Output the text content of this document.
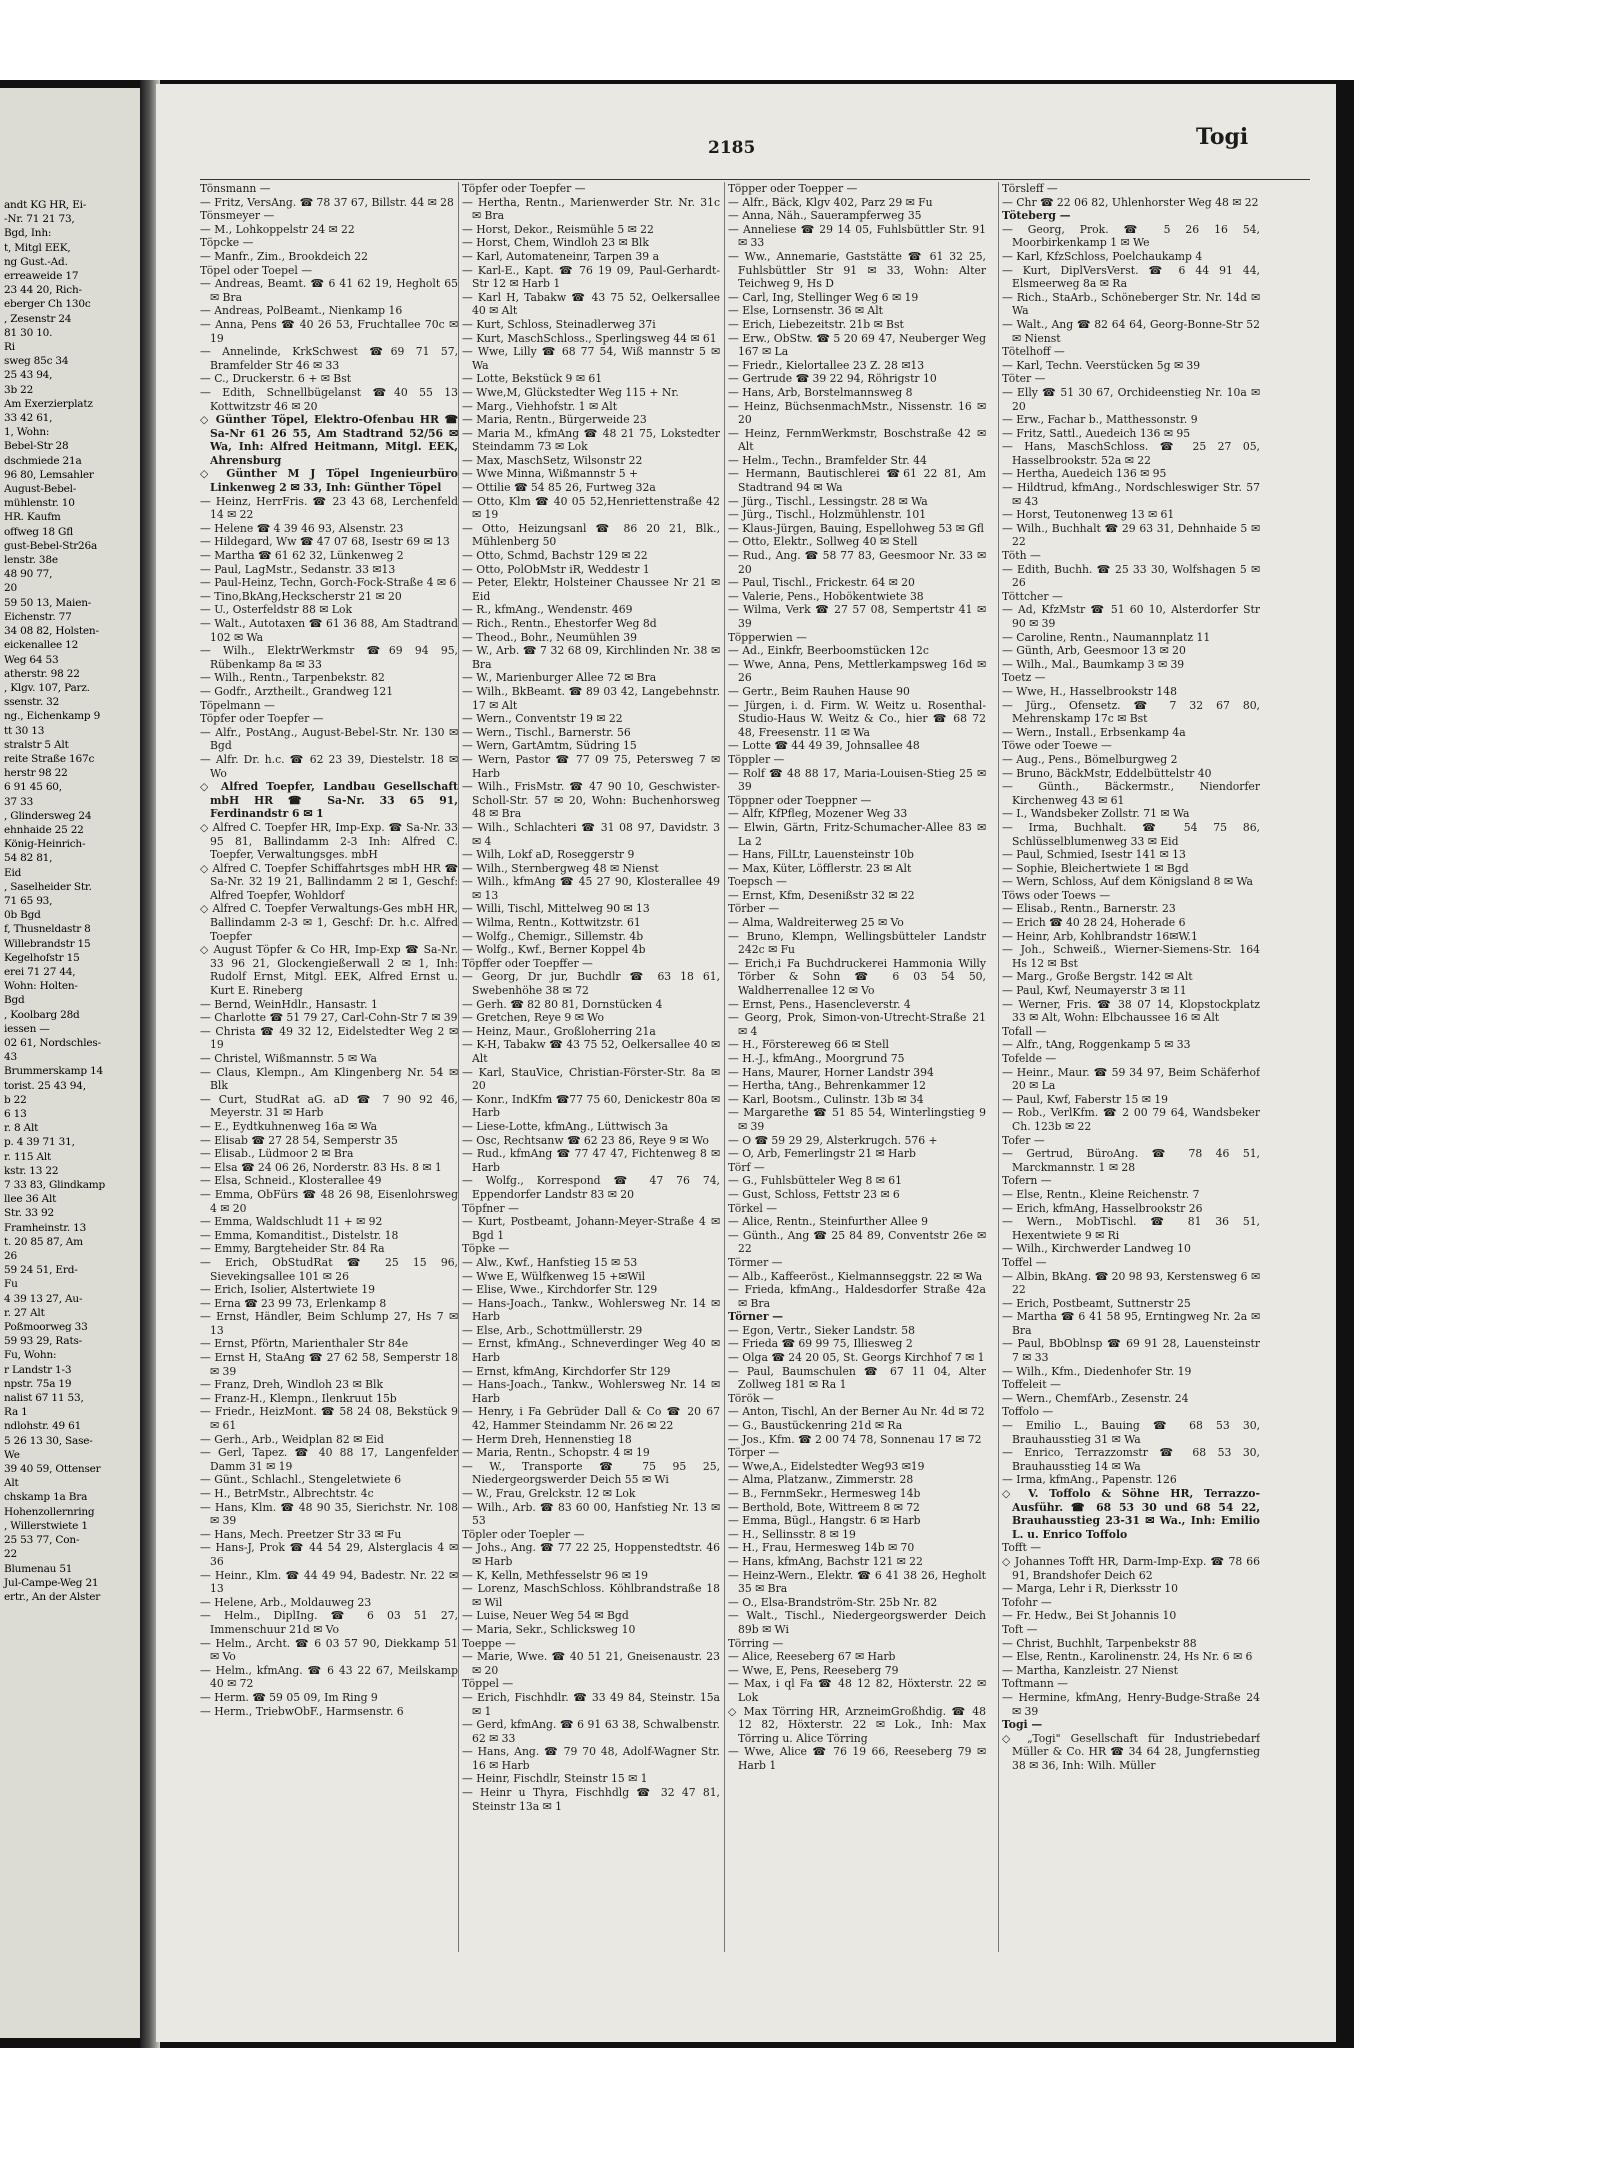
andt KG HR, Ei-
-Nr. 71 21 73,
Bgd, Inh:
t, Mitgl EEK,
ng Gust.-Ad.
erreaweide 17
23 44 20, Rich-
eberger Ch 130c
, Zesenstr 24
81 30 10.
Ri
sweg 85c 34
25 43 94,
3b 22
Am Exerzierplatz
33 42 61,
1, Wohn:
Bebel-Str 28
dschmiede 21a
96 80, Lemsahler
August-Bebel-
mühlenstr. 10
HR. Kaufm
offweg 18 Gfl
gust-Bebel-Str26a
lenstr. 38e
48 90 77,
20
59 50 13, Maien-
Eichenstr. 77
34 08 82, Holsten-
eickenallee 12
Weg 64 53
atherstr. 98 22
, Klgv. 107, Parz.
ssenstr. 32
ng., Eichenkamp 9
tt 30 13
stralstr 5 Alt
reite Straße 167c
herstr 98 22
6 91 45 60,
37 33
, Glindersweg 24
ehnhaide 25 22
König-Heinrich-
54 82 81,
Eid
, Saselheider Str.
71 65 93,
0b Bgd
f, Thusneldastr 8
Willebrandstr 15
Kegelhofstr 15
erei 71 27 44,
Wohn: Holten-
Bgd
, Koolbarg 28d
iessen —
02 61, Nordschles-
43
Brummerskamp 14
torist. 25 43 94,
b 22
6 13
r. 8 Alt
p. 4 39 71 31,
r. 115 Alt
kstr. 13 22
7 33 83, Glindkamp
llee 36 Alt
Str. 33 92
Framheinstr. 13
t. 20 85 87, Am
26
59 24 51, Erd-
Fu
4 39 13 27, Au-
r. 27 Alt
Poßmoorweg 33
59 93 29, Rats-
Fu, Wohn:
r Landstr 1-3
npstr. 75a 19
nalist 67 11 53,
Ra 1
ndlohstr. 49 61
5 26 13 30, Sase-
We
39 40 59, Ottenser
Alt
chskamp 1a Bra
Hohenzollernring
, Willerstwiete 1
25 53 77, Con-
22
Blumenau 51
Jul-Campe-Weg 21
ertr., An der Alster
2185	Togi

Tönsmann —

— Fritz, VersAng. ☎ 78 37 67, Billstr. 44 ✉ 28

Tönsmeyer —

— M., Lohkoppelstr 24 ✉ 22

Töpcke —

— Manfr., Zim., Brookdeich 22

Töpel oder Toepel —

— Andreas, Beamt. ☎ 6 41 62 19, Hegholt 65 ✉ Bra

— Andreas, PolBeamt., Nienkamp 16

— Anna, Pens ☎ 40 26 53, Fruchtallee 70c ✉ 19

— Annelinde, KrkSchwest ☎69 71 57, Bramfelder Str 46 ✉ 33

— C., Druckerstr. 6 + ✉ Bst

— Edith, Schnellbügelanst ☎40 55 13 Kottwitzstr 46 ✉ 20

◇ Günther Töpel, Elektro-Ofenbau HR ☎ Sa-Nr 61 26 55, Am Stadtrand 52/56 ✉ Wa, Inh: Alfred Heitmann, Mitgl. EEK, Ahrensburg

◇ Günther M J Töpel Ingenieurbüro Linkenweg 2 ✉ 33, Inh: Günther Töpel

— Heinz, HerrFris. ☎ 23 43 68, Lerchenfeld 14 ✉ 22

— Helene ☎ 4 39 46 93, Alsenstr. 23

— Hildegard, Ww ☎ 47 07 68, Isestr 69 ✉ 13

— Martha ☎ 61 62 32, Lünkenweg 2

— Paul, LagMstr., Sedanstr. 33 ✉13

— Paul-Heinz, Techn, Gorch-Fock-Straße 4 ✉ 6

— Tino,BkAng,Heckscherstr 21 ✉ 20

— U., Osterfeldstr 88 ✉ Lok

— Walt., Autotaxen ☎ 61 36 88, Am Stadtrand 102 ✉ Wa

— Wilh., ElektrWerkmstr ☎69 94 95, Rübenkamp 8a ✉ 33

— Wilh., Rentn., Tarpenbekstr. 82

— Godfr., Arztheilt., Grandweg 121

Töpelmann —

Töpfer oder Toepfer —

— Alfr., PostAng., August-Bebel-Str. Nr. 130 ✉ Bgd

— Alfr. Dr. h.c. ☎ 62 23 39, Diestelstr. 18 ✉ Wo

◇ Alfred Toepfer, Landbau Gesellschaft mbH HR ☎ Sa-Nr. 33 65 91, Ferdinandstr 6 ✉ 1

◇ Alfred C. Toepfer HR, Imp-Exp. ☎ Sa-Nr. 33 95 81, Ballindamm 2-3 Inh: Alfred C. Toepfer, Verwaltungsges. mbH

◇ Alfred C. Toepfer Schiffahrtsges mbH HR ☎ Sa-Nr. 32 19 21, Ballindamm 2 ✉ 1, Geschf: Alfred Toepfer, Wohldorf

◇ Alfred C. Toepfer Verwaltungs-Ges mbH HR, Ballindamm 2-3 ✉ 1, Geschf: Dr. h.c. Alfred Toepfer

◇ August Töpfer & Co HR, Imp-Exp ☎ Sa-Nr. 33 96 21, Glockengießerwall 2 ✉ 1, Inh: Rudolf Ernst, Mitgl. EEK, Alfred Ernst u. Kurt E. Rineberg

— Bernd, WeinHdlr., Hansastr. 1

— Charlotte ☎ 51 79 27, Carl-Cohn-Str 7 ✉ 39

— Christa ☎ 49 32 12, Eidelstedter Weg 2 ✉ 19

— Christel, Wißmannstr. 5 ✉ Wa

— Claus, Klempn., Am Klingenberg Nr. 54 ✉ Blk

— Curt, StudRat aG. aD ☎ 7 90 92 46, Meyerstr. 31 ✉ Harb

— E., Eydtkuhnenweg 16a ✉ Wa

— Elisab ☎ 27 28 54, Semperstr 35

— Elisab., Lüdmoor 2 ✉ Bra

— Elsa ☎ 24 06 26, Norderstr. 83 Hs. 8 ✉ 1

— Elsa, Schneid., Klosterallee 49

— Emma, ObFürs ☎ 48 26 98, Eisenlohrsweg 4 ✉ 20

— Emma, Waldschludt 11 + ✉ 92

— Emma, Komanditist., Distelstr. 18

— Emmy, Bargteheider Str. 84 Ra

— Erich, ObStudRat ☎ 25 15 96, Sievekingsallee 101 ✉ 26

— Erich, Isolier, Alstertwiete 19

— Erna ☎ 23 99 73, Erlenkamp 8

— Ernst, Händler, Beim Schlump 27, Hs 7 ✉ 13

— Ernst, Pförtn, Marienthaler Str 84e

— Ernst H, StaAng ☎ 27 62 58, Semperstr 18 ✉ 39

— Franz, Dreh, Windloh 23 ✉ Blk

— Franz-H., Klempn., Ilenkruut 15b

— Friedr., HeizMont. ☎ 58 24 08, Bekstück 9 ✉ 61

— Gerh., Arb., Weidplan 82 ✉ Eid

— Gerl, Tapez. ☎ 40 88 17, Langenfelder Damm 31 ✉ 19

— Günt., Schlachl., Stengeletwiete 6

— H., BetrMstr., Albrechtstr. 4c

— Hans, Klm. ☎ 48 90 35, Sierichstr. Nr. 108 ✉ 39

— Hans, Mech. Preetzer Str 33 ✉ Fu

— Hans-J, Prok ☎ 44 54 29, Alsterglacis 4 ✉ 36

— Heinr., Klm. ☎ 44 49 94, Badestr. Nr. 22 ✉ 13

— Helene, Arb., Moldauweg 23

— Helm., DiplIng. ☎ 6 03 51 27, Immenschuur 21d ✉ Vo

— Helm., Archt. ☎ 6 03 57 90, Diekkamp 51 ✉ Vo

— Helm., kfmAng. ☎ 6 43 22 67, Meilskamp 40 ✉ 72

— Herm. ☎ 59 05 09, Im Ring 9

— Herm., TriebwObF., Harmsenstr. 6

Töpfer oder Toepfer —

— Hertha, Rentn., Marienwerder Str. Nr. 31c ✉ Bra

— Horst, Dekor., Reismühle 5 ✉ 22

— Horst, Chem, Windloh 23 ✉ Blk

— Karl, Automateneinr, Tarpen 39 a

— Karl-E., Kapt. ☎ 76 19 09, Paul-Gerhardt-Str 12 ✉ Harb 1

— Karl H, Tabakw ☎ 43 75 52, Oelkersallee 40 ✉ Alt

— Kurt, Schloss, Steinadlerweg 37i

— Kurt, MaschSchloss., Sperlingsweg 44 ✉ 61

— Wwe, Lilly ☎ 68 77 54, Wiß mannstr 5 ✉ Wa

— Lotte, Bekstück 9 ✉ 61

— Wwe,M, Glückstedter Weg 115 + Nr.

— Marg., Viehhofstr. 1 ✉ Alt

— Maria, Rentn., Bürgerweide 23

— Maria M., kfmAng ☎ 48 21 75, Lokstedter Steindamm 73 ✉ Lok

— Max, MaschSetz, Wilsonstr 22

— Wwe Minna, Wißmannstr 5 +

— Ottilie ☎ 54 85 26, Furtweg 32a

— Otto, Klm ☎ 40 05 52,Henriettenstraße 42 ✉ 19

— Otto, Heizungsanl ☎ 86 20 21, Blk., Mühlenberg 50

— Otto, Schmd, Bachstr 129 ✉ 22

— Otto, PolObMstr iR, Weddestr 1

— Peter, Elektr, Holsteiner Chaussee Nr 21 ✉ Eid

— R., kfmAng., Wendenstr. 469

— Rich., Rentn., Ehestorfer Weg 8d

— Theod., Bohr., Neumühlen 39

— W., Arb. ☎ 7 32 68 09, Kirchlinden Nr. 38 ✉ Bra

— W., Marienburger Allee 72 ✉ Bra

— Wilh., BkBeamt. ☎ 89 03 42, Langebehnstr. 17 ✉ Alt

— Wern., Conventstr 19 ✉ 22

— Wern., Tischl., Barnerstr. 56

— Wern, GartAmtm, Südring 15

— Wern, Pastor ☎ 77 09 75, Petersweg 7 ✉ Harb

— Wilh., FrisMstr. ☎ 47 90 10, Geschwister-Scholl-Str. 57 ✉ 20, Wohn: Buchenhorsweg 48 ✉ Bra

— Wilh., Schlachteri ☎ 31 08 97, Davidstr. 3 ✉ 4

— Wilh, Lokf aD, Roseggerstr 9

— Wilh., Sternbergweg 48 ✉ Nienst

— Wilh., kfmAng ☎ 45 27 90, Klosterallee 49 ✉ 13

— Willi, Tischl, Mittelweg 90 ✉ 13

— Wilma, Rentn., Kottwitzstr. 61

— Wolfg., Chemigr., Sillemstr. 4b

— Wolfg., Kwf., Berner Koppel 4b

Töpffer oder Toepffer —

— Georg, Dr jur, Buchdlr ☎ 63 18 61, Swebenhöhe 38 ✉ 72

— Gerh. ☎ 82 80 81, Dornstücken 4

— Gretchen, Reye 9 ✉ Wo

— Heinz, Maur., Großloherring 21a

— K-H, Tabakw ☎ 43 75 52, Oelkersallee 40 ✉ Alt

— Karl, StauVice, Christian-Förster-Str. 8a ✉ 20

— Konr., IndKfm ☎77 75 60, Denickestr 80a ✉ Harb

— Liese-Lotte, kfmAng., Lüttwisch 3a

— Osc, Rechtsanw ☎ 62 23 86, Reye 9 ✉ Wo

— Rud., kfmAng ☎ 77 47 47, Fichtenweg 8 ✉ Harb

— Wolfg., Korrespond ☎ 47 76 74, Eppendorfer Landstr 83 ✉ 20

Töpfner —

— Kurt, Postbeamt, Johann-Meyer-Straße 4 ✉ Bgd 1

Töpke —

— Alw., Kwf., Hanfstieg 15 ✉ 53

— Wwe E, Wülfkenweg 15 +✉Wil

— Elise, Wwe., Kirchdorfer Str. 129

— Hans-Joach., Tankw., Wohlersweg Nr. 14 ✉ Harb

— Else, Arb., Schottmüllerstr. 29

— Ernst, kfmAng., Schneverdinger Weg 40 ✉ Harb

— Ernst, kfmAng, Kirchdorfer Str 129

— Hans-Joach., Tankw., Wohlersweg Nr. 14 ✉ Harb

— Henry, i Fa Gebrüder Dall & Co ☎ 20 67 42, Hammer Steindamm Nr. 26 ✉ 22

— Herm Dreh, Hennenstieg 18

— Maria, Rentn., Schopstr. 4 ✉ 19

— W., Transporte ☎ 75 95 25, Niedergeorgswerder Deich 55 ✉ Wi

— W., Frau, Grelckstr. 12 ✉ Lok

— Wilh., Arb. ☎ 83 60 00, Hanfstieg Nr. 13 ✉ 53

Töpler oder Toepler —

— Johs., Ang. ☎ 77 22 25, Hoppenstedtstr. 46 ✉ Harb

— K, Kelln, Methfesselstr 96 ✉ 19

— Lorenz, MaschSchloss. Köhlbrandstraße 18 ✉ Wil

— Luise, Neuer Weg 54 ✉ Bgd

— Maria, Sekr., Schlicksweg 10

Toeppe —

— Marie, Wwe. ☎ 40 51 21, Gneisenaustr. 23 ✉ 20

Töppel —

— Erich, Fischhdlr. ☎ 33 49 84, Steinstr. 15a ✉ 1

— Gerd, kfmAng. ☎ 6 91 63 38, Schwalbenstr. 62 ✉ 33

— Hans, Ang. ☎ 79 70 48, Adolf-Wagner Str. 16 ✉ Harb

— Heinr, Fischdlr, Steinstr 15 ✉ 1

— Heinr u Thyra, Fischhdlg ☎ 32 47 81, Steinstr 13a ✉ 1

Töpper oder Toepper —

— Alfr., Bäck, Klgv 402, Parz 29 ✉ Fu

— Anna, Näh., Sauerampferweg 35

— Anneliese ☎ 29 14 05, Fuhlsbüttler Str. 91 ✉ 33

— Ww., Annemarie, Gaststätte ☎ 61 32 25, Fuhlsbüttler Str 91 ✉ 33, Wohn: Alter Teichweg 9, Hs D

— Carl, Ing, Stellinger Weg 6 ✉ 19

— Else, Lornsenstr. 36 ✉ Alt

— Erich, Liebezeitstr. 21b ✉ Bst

— Erw., ObStw. ☎ 5 20 69 47, Neuberger Weg 167 ✉ La

— Friedr., Kielortallee 23 Z. 28 ✉13

— Gertrude ☎ 39 22 94, Röhrigstr 10

— Hans, Arb, Borstelmannsweg 8

— Heinz, BüchsenmachMstr., Nissenstr. 16 ✉ 20

— Heinz, FernmWerkmstr, Boschstraße 42 ✉ Alt

— Helm., Techn., Bramfelder Str. 44

— Hermann, Bautischlerei ☎61 22 81, Am Stadtrand 94 ✉ Wa

— Jürg., Tischl., Lessingstr. 28 ✉ Wa

— Jürg., Tischl., Holzmühlenstr. 101

— Klaus-Jürgen, Bauing, Espellohweg 53 ✉ Gfl

— Otto, Elektr., Sollweg 40 ✉ Stell

— Rud., Ang. ☎ 58 77 83, Geesmoor Nr. 33 ✉ 20

— Paul, Tischl., Frickestr. 64 ✉ 20

— Valerie, Pens., Hobökentwiete 38

— Wilma, Verk ☎ 27 57 08, Sempertstr 41 ✉ 39

Töpperwien —

— Ad., Einkfr, Beerboomstücken 12c

— Wwe, Anna, Pens, Mettlerkampsweg 16d ✉ 26

— Gertr., Beim Rauhen Hause 90

— Jürgen, i. d. Firm. W. Weitz u. Rosenthal-Studio-Haus W. Weitz & Co., hier ☎ 68 72 48, Freesenstr. 11 ✉ Wa

— Lotte ☎ 44 49 39, Johnsallee 48

Töppler —

— Rolf ☎ 48 88 17, Maria-Louisen-Stieg 25 ✉ 39

Töppner oder Toeppner —

— Alfr, KfPfleg, Mozener Weg 33

— Elwin, Gärtn, Fritz-Schumacher-Allee 83 ✉ La 2

— Hans, FilLtr, Lauensteinstr 10b

— Max, Küter, Löfflerstr. 23 ✉ Alt

Toepsch —

— Ernst, Kfm, Desenißstr 32 ✉ 22

Törber —

— Alma, Waldreiterweg 25 ✉ Vo

— Bruno, Klempn, Wellingsbütteler Landstr 242c ✉ Fu

— Erich,i Fa Buchdruckerei Hammonia Willy Törber & Sohn ☎ 6 03 54 50, Waldherrenallee 12 ✉ Vo

— Ernst, Pens., Hasencleverstr. 4

— Georg, Prok, Simon-von-Utrecht-Straße 21 ✉ 4

— H., Förstereweg 66 ✉ Stell

— H.-J., kfmAng., Moorgrund 75

— Hans, Maurer, Horner Landstr 394

— Hertha, tAng., Behrenkammer 12

— Karl, Bootsm., Culinstr. 13b ✉ 34

— Margarethe ☎ 51 85 54, Winterlingstieg 9 ✉ 39

— O ☎ 59 29 29, Alsterkrugch. 576 +

— O, Arb, Femerlingstr 21 ✉ Harb

Törf —

— G., Fuhlsbütteler Weg 8 ✉ 61

— Gust, Schloss, Fettstr 23 ✉ 6

Törkel —

— Alice, Rentn., Steinfurther Allee 9

— Günth., Ang ☎ 25 84 89, Conventstr 26e ✉ 22

Törmer —

— Alb., Kaffeeröst., Kielmannseggstr. 22 ✉ Wa

— Frieda, kfmAng., Haldesdorfer Straße 42a ✉ Bra

Törner —

— Egon, Vertr., Sieker Landstr. 58

— Frieda ☎ 69 99 75, Illiesweg 2

— Olga ☎ 24 20 05, St. Georgs Kirchhof 7 ✉ 1

— Paul, Baumschulen ☎ 67 11 04, Alter Zollweg 181 ✉ Ra 1

Török —

— Anton, Tischl, An der Berner Au Nr. 4d ✉ 72

— G., Baustückenring 21d ✉ Ra

— Jos., Kfm. ☎ 2 00 74 78, Sonnenau 17 ✉ 72

Törper —

— Wwe,A., Eidelstedter Weg93 ✉19

— Alma, Platzanw., Zimmerstr. 28

— B., FernmSekr., Hermesweg 14b

— Berthold, Bote, Wittreem 8 ✉ 72

— Emma, Bügl., Hangstr. 6 ✉ Harb

— H., Sellinsstr. 8 ✉ 19

— H., Frau, Hermesweg 14b ✉ 70

— Hans, kfmAng, Bachstr 121 ✉ 22

— Heinz-Wern., Elektr. ☎ 6 41 38 26, Hegholt 35 ✉ Bra

— O., Elsa-Brandström-Str. 25b Nr. 82

— Walt., Tischl., Niedergeorgswerder Deich 89b ✉ Wi

Törring —

— Alice, Reeseberg 67 ✉ Harb

— Wwe, E, Pens, Reeseberg 79

— Max, i ql Fa ☎ 48 12 82, Höxterstr. 22 ✉ Lok

◇ Max Törring HR, ArzneimGroßhdig. ☎ 48 12 82, Höxterstr. 22 ✉ Lok., Inh: Max Törring u. Alice Törring

— Wwe, Alice ☎ 76 19 66, Reeseberg 79 ✉ Harb 1

Törsleff —

— Chr ☎ 22 06 82, Uhlenhorster Weg 48 ✉ 22

Töteberg —

— Georg, Prok. ☎ 5 26 16 54, Moorbirkenkamp 1 ✉ We

— Karl, KfzSchloss, Poelchaukamp 4

— Kurt, DiplVersVerst. ☎ 6 44 91 44, Elsmeerweg 8a ✉ Ra

— Rich., StaArb., Schöneberger Str. Nr. 14d ✉ Wa

— Walt., Ang ☎ 82 64 64, Georg-Bonne-Str 52 ✉ Nienst

Tötelhoff —

— Karl, Techn. Veerstücken 5g ✉ 39

Töter —

— Elly ☎ 51 30 67, Orchideenstieg Nr. 10a ✉ 20

— Erw., Fachar b., Matthessonstr. 9

— Fritz, Sattl., Auedeich 136 ✉ 95

— Hans, MaschSchloss. ☎ 25 27 05, Hasselbrookstr. 52a ✉ 22

— Hertha, Auedeich 136 ✉ 95

— Hildtrud, kfmAng., Nordschleswiger Str. 57 ✉ 43

— Horst, Teutonenweg 13 ✉ 61

— Wilh., Buchhalt ☎ 29 63 31, Dehnhaide 5 ✉ 22

Töth —

— Edith, Buchh. ☎ 25 33 30, Wolfshagen 5 ✉ 26

Töttcher —

— Ad, KfzMstr ☎ 51 60 10, Alsterdorfer Str 90 ✉ 39

— Caroline, Rentn., Naumannplatz 11

— Günth, Arb, Geesmoor 13 ✉ 20

— Wilh., Mal., Baumkamp 3 ✉ 39

Toetz —

— Wwe, H., Hasselbrookstr 148

— Jürg., Ofensetz. ☎ 7 32 67 80, Mehrenskamp 17c ✉ Bst

— Wern., Install., Erbsenkamp 4a

Töwe oder Toewe —

— Aug., Pens., Bömelburgweg 2

— Bruno, BäckMstr, Eddelbüttelstr 40

— Günth., Bäckermstr., Niendorfer Kirchenweg 43 ✉ 61

— I., Wandsbeker Zollstr. 71 ✉ Wa

— Irma, Buchhalt. ☎ 54 75 86, Schlüsselblumenweg 33 ✉ Eid

— Paul, Schmied, Isestr 141 ✉ 13

— Sophie, Bleichertwiete 1 ✉ Bgd

— Wern, Schloss, Auf dem Königsland 8 ✉ Wa

Töws oder Toews —

— Elisab., Rentn., Barnerstr. 23

— Erich ☎ 40 28 24, Hoherade 6

— Heinr, Arb, Kohlbrandstr 16✉W.1

— Joh., Schweiß., Wierner-Siemens-Str. 164 Hs 12 ✉ Bst

— Marg., Große Bergstr. 142 ✉ Alt

— Paul, Kwf, Neumayerstr 3 ✉ 11

— Werner, Fris. ☎ 38 07 14, Klopstockplatz 33 ✉ Alt, Wohn: Elbchaussee 16 ✉ Alt

Tofall —

— Alfr., tAng, Roggenkamp 5 ✉ 33

Tofelde —

— Heinr., Maur. ☎ 59 34 97, Beim Schäferhof 20 ✉ La

— Paul, Kwf, Faberstr 15 ✉ 19

— Rob., VerlKfm. ☎ 2 00 79 64, Wandsbeker Ch. 123b ✉ 22

Tofer —

— Gertrud, BüroAng. ☎ 78 46 51, Marckmannstr. 1 ✉ 28

Tofern —

— Else, Rentn., Kleine Reichenstr. 7

— Erich, kfmAng, Hasselbrookstr 26

— Wern., MobTischl. ☎ 81 36 51, Hexentwiete 9 ✉ Ri

— Wilh., Kirchwerder Landweg 10

Toffel —

— Albin, BkAng. ☎ 20 98 93, Kerstensweg 6 ✉ 22

— Erich, Postbeamt, Suttnerstr 25

— Martha ☎ 6 41 58 95, Erntingweg Nr. 2a ✉ Bra

— Paul, BbOblnsp ☎ 69 91 28, Lauensteinstr 7 ✉ 33

— Wilh., Kfm., Diedenhofer Str. 19

Toffeleit —

— Wern., ChemfArb., Zesenstr. 24

Toffolo —

— Emilio L., Bauing ☎ 68 53 30, Brauhausstieg 31 ✉ Wa

— Enrico, Terrazzomstr ☎ 68 53 30, Brauhausstieg 14 ✉ Wa

— Irma, kfmAng., Papenstr. 126

◇ V. Toffolo & Söhne HR, Terrazzo-Ausführ. ☎ 68 53 30 und 68 54 22, Brauhausstieg 23-31 ✉ Wa., Inh: Emilio L. u. Enrico Toffolo

Tofft —

◇ Johannes Tofft HR, Darm-Imp-Exp. ☎ 78 66 91, Brandshofer Deich 62

— Marga, Lehr i R, Dierksstr 10

Tofohr —

— Fr. Hedw., Bei St Johannis 10

Toft —

— Christ, Buchhlt, Tarpenbekstr 88

— Else, Rentn., Karolinenstr. 24, Hs Nr. 6 ✉ 6

— Martha, Kanzleistr. 27 Nienst

Toftmann —

— Hermine, kfmAng, Henry-Budge-Straße 24 ✉ 39

Togi —

◇ „Togi" Gesellschaft für Industriebedarf Müller & Co. HR ☎ 34 64 28, Jungfernstieg 38 ✉ 36, Inh: Wilh. Müller
